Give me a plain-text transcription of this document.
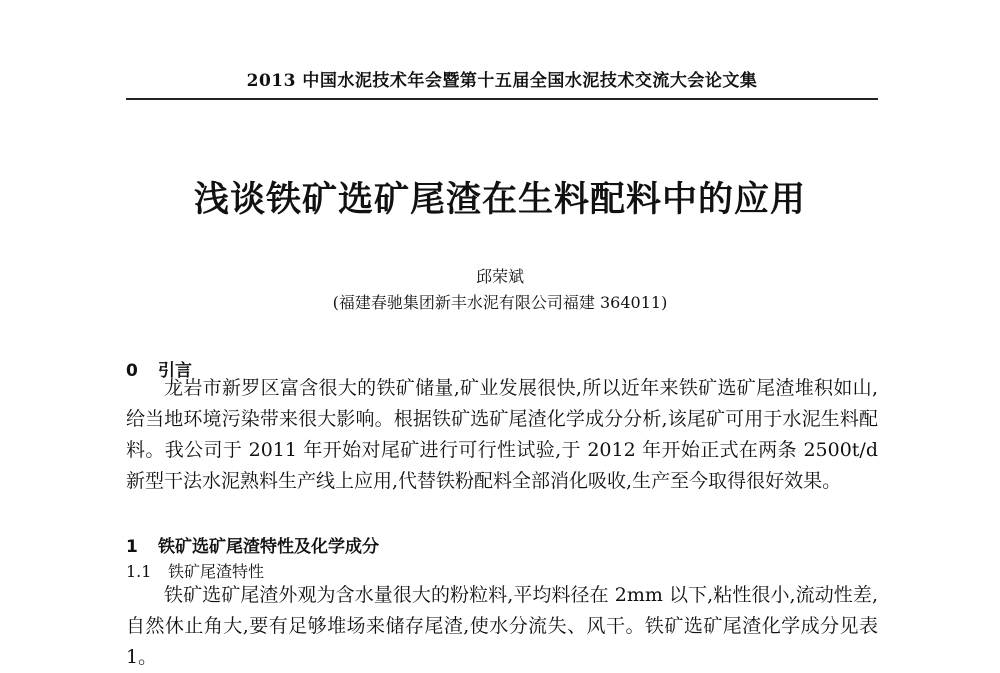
2013 中国水泥技术年会暨第十五届全国水泥技术交流大会论文集
浅谈铁矿选矿尾渣在生料配料中的应用
邱荣斌
(福建春驰集团新丰水泥有限公司福建 364011)
0 引言

龙岩市新罗区富含很大的铁矿储量,矿业发展很快,所以近年来铁矿选矿尾渣堆积如山,给当地环境污染带来很大影响。根据铁矿选矿尾渣化学成分分析,该尾矿可用于水泥生料配料。我公司于 2011 年开始对尾矿进行可行性试验,于 2012 年开始正式在两条 2500t/d 新型干法水泥熟料生产线上应用,代替铁粉配料全部消化吸收,生产至今取得很好效果。

1 铁矿选矿尾渣特性及化学成分
1.1 铁矿尾渣特性

铁矿选矿尾渣外观为含水量很大的粉粒料,平均料径在 2mm 以下,粘性很小,流动性差,自然休止角大,要有足够堆场来储存尾渣,使水分流失、风干。铁矿选矿尾渣化学成分见表 1。
